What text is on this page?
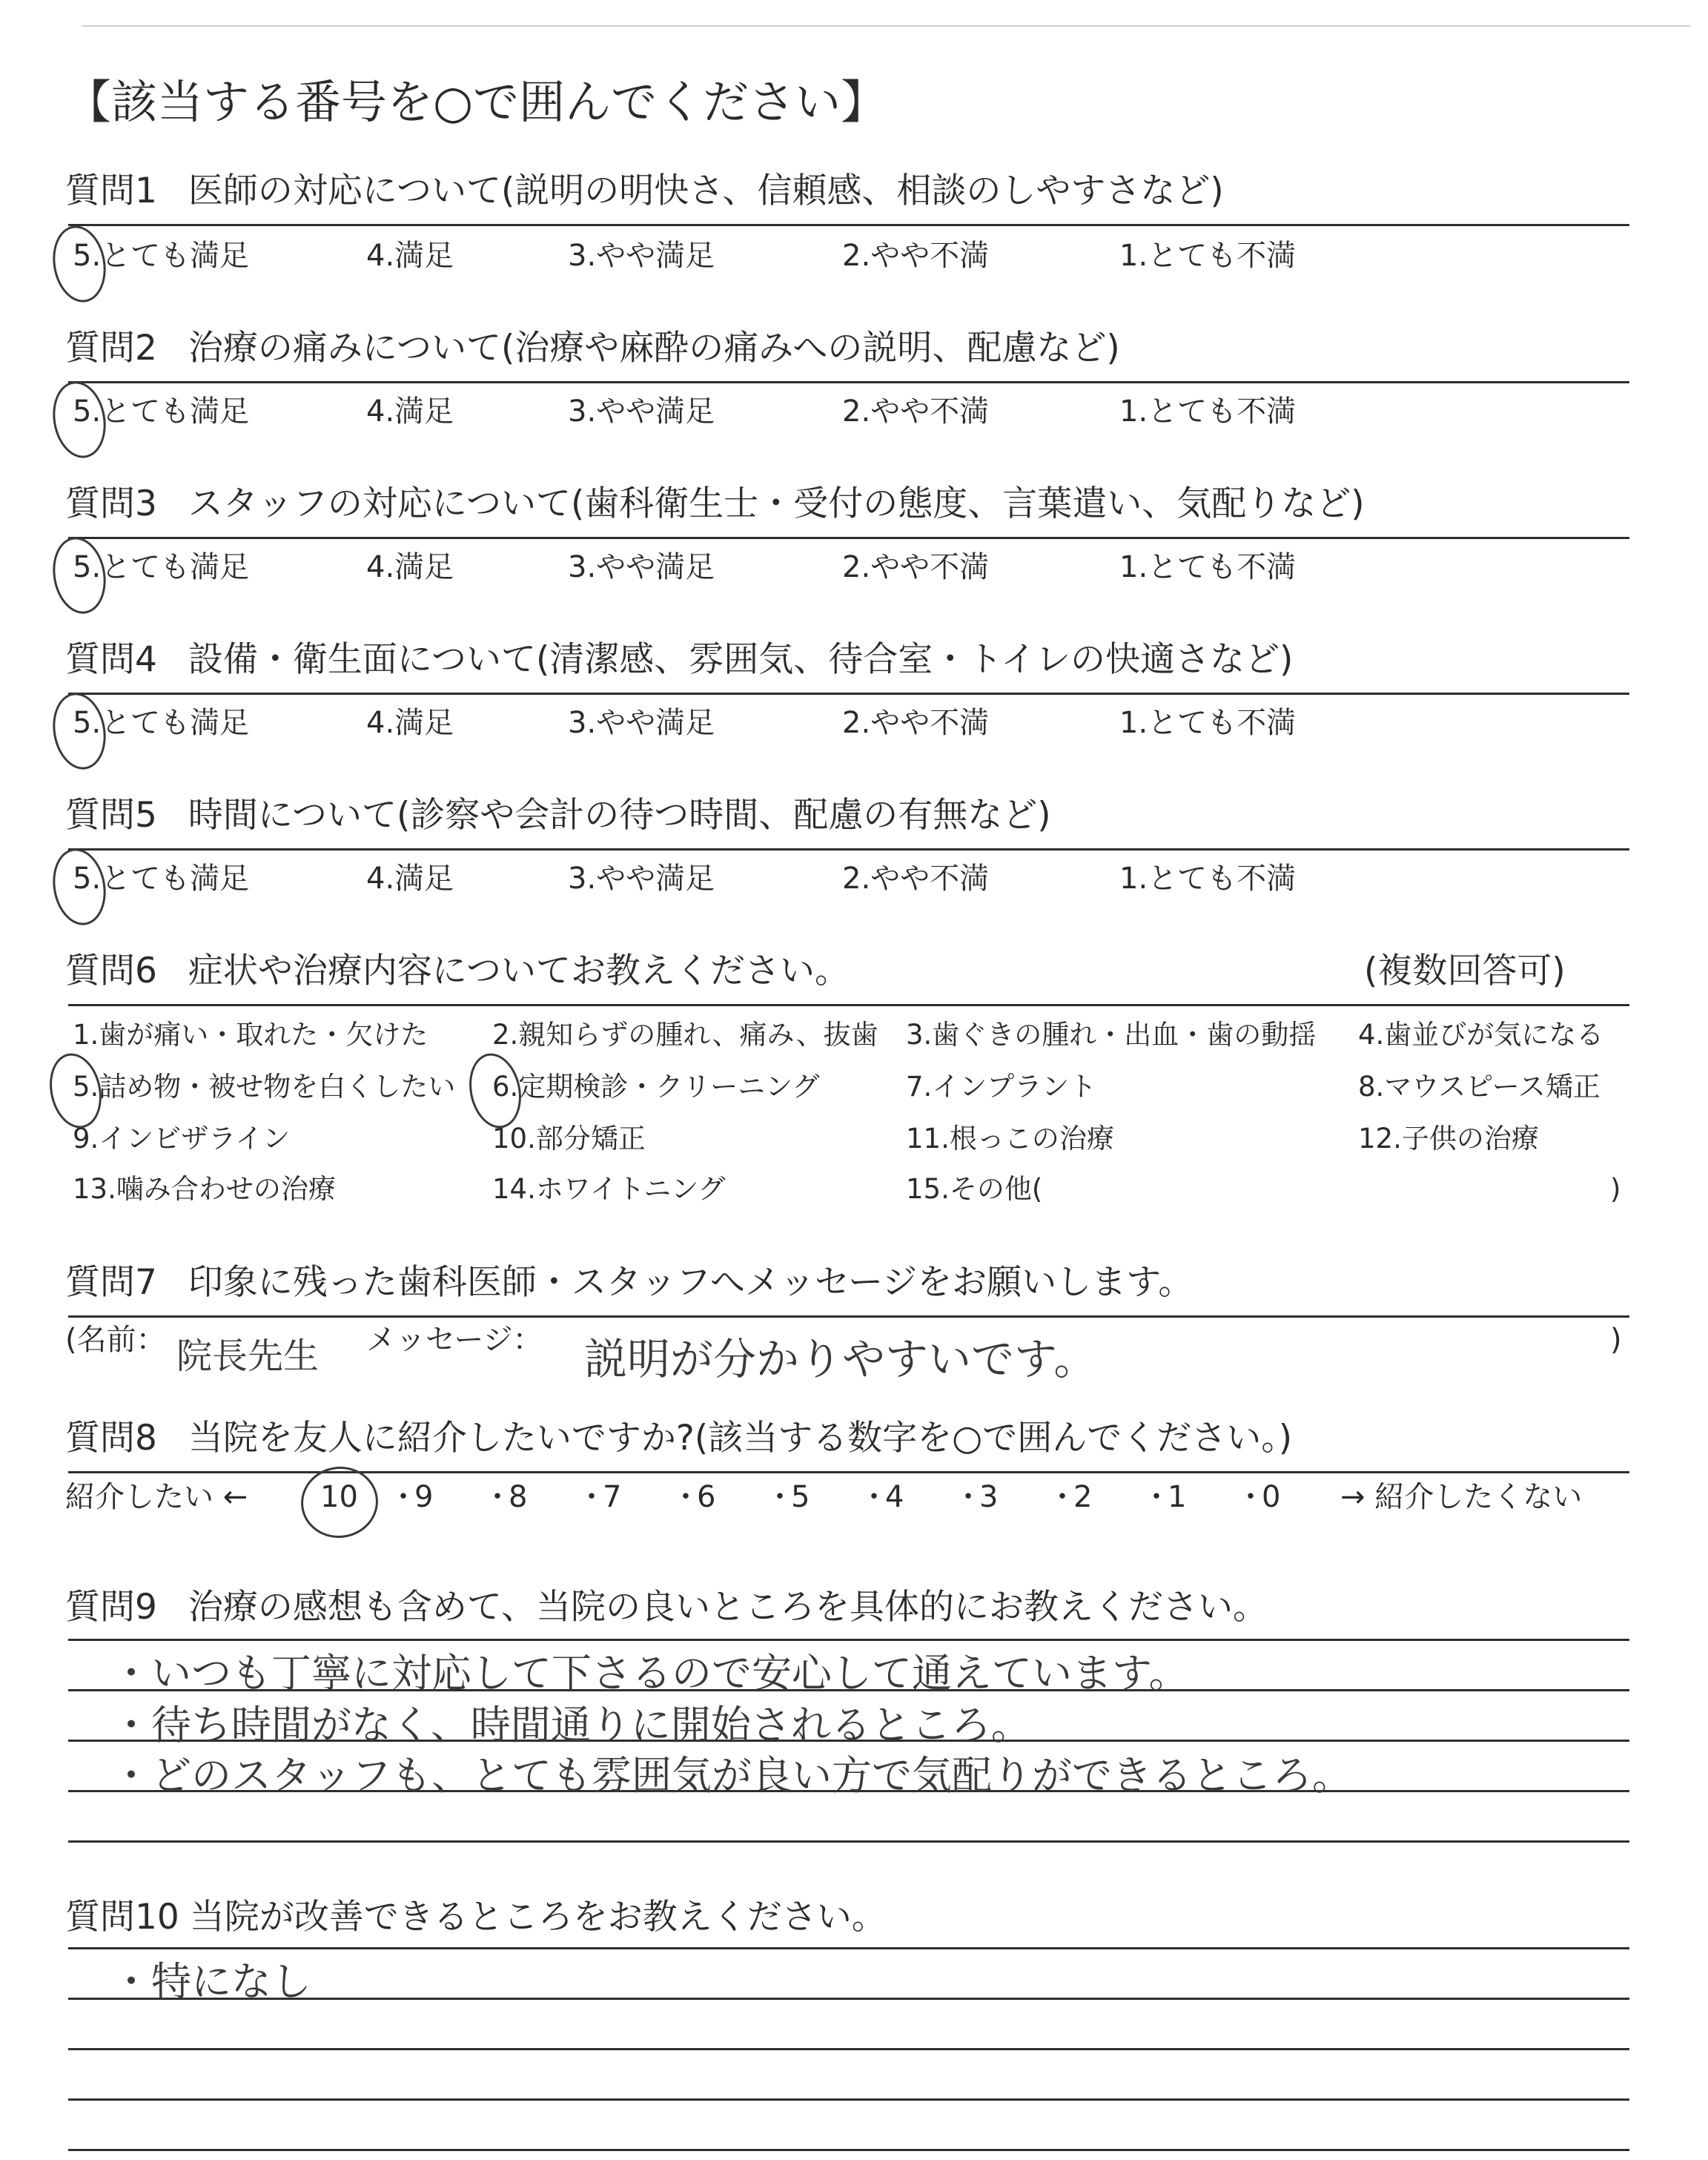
【該当する番号を○で囲んでください】
質問1 医師の対応について(説明の明快さ、信頼感、相談のしやすさなど)
質問2 治療の痛みについて(治療や麻酔の痛みへの説明、配慮など)
質問3 スタッフの対応について(歯科衛生士・受付の態度、言葉遣い、気配りなど)
質問4 設備・衛生面について(清潔感、雰囲気、待合室・トイレの快適さなど)
質問5 時間について(診察や会計の待つ時間、配慮の有無など)
5.とても満足	4.満足	3.やや満足	2.やや不満	1.とても不満
5.とても満足	4.満足	3.やや満足	2.やや不満	1.とても不満
5.とても満足	4.満足	3.やや満足	2.やや不満	1.とても不満
5.とても満足	4.満足	3.やや満足	2.やや不満	1.とても不満
5.とても満足	4.満足	3.やや満足	2.やや不満	1.とても不満
質問6 症状や治療内容についてお教えください。	(複数回答可)
1.歯が痛い・取れた・欠けた 2.親知らずの腫れ、痛み、抜歯 3.歯ぐきの腫れ・出血・歯の動揺 4.歯並びが気になる
5.詰め物・被せ物を白くしたい 6.定期検診・クリーニング	7.インプラント	8.マウスピース矯正
9.インビザライン	10.部分矯正	11.根っこの治療	12.子供の治療
13.噛み合わせの治療	14.ホワイトニング	15.その他(	)
質問7 印象に残った歯科医師・スタッフへメッセージをお願いします。
(名前： 院長先生 メッセージ： 説明が分かりやすいです。	)
質問8 当院を友人に紹介したいですか?(該当する数字を○で囲んでください。)
紹介したい ← 10 ・
9 ・
8 ・
7 ・
6 ・
5 ・
4 ・
3 ・
2 ・
1 ・
0 → 紹介したくない
質問9 治療の感想も含めて、当院の良いところを具体的にお教えください。
・いつも丁寧に対応して下さるので安心して通えています。
・待ち時間がなく、時間通りに開始されるところ。
・どのスタッフも、とても雰囲気が良い方で気配りができるところ。
質問10 当院が改善できるところをお教えください。
・特になし
